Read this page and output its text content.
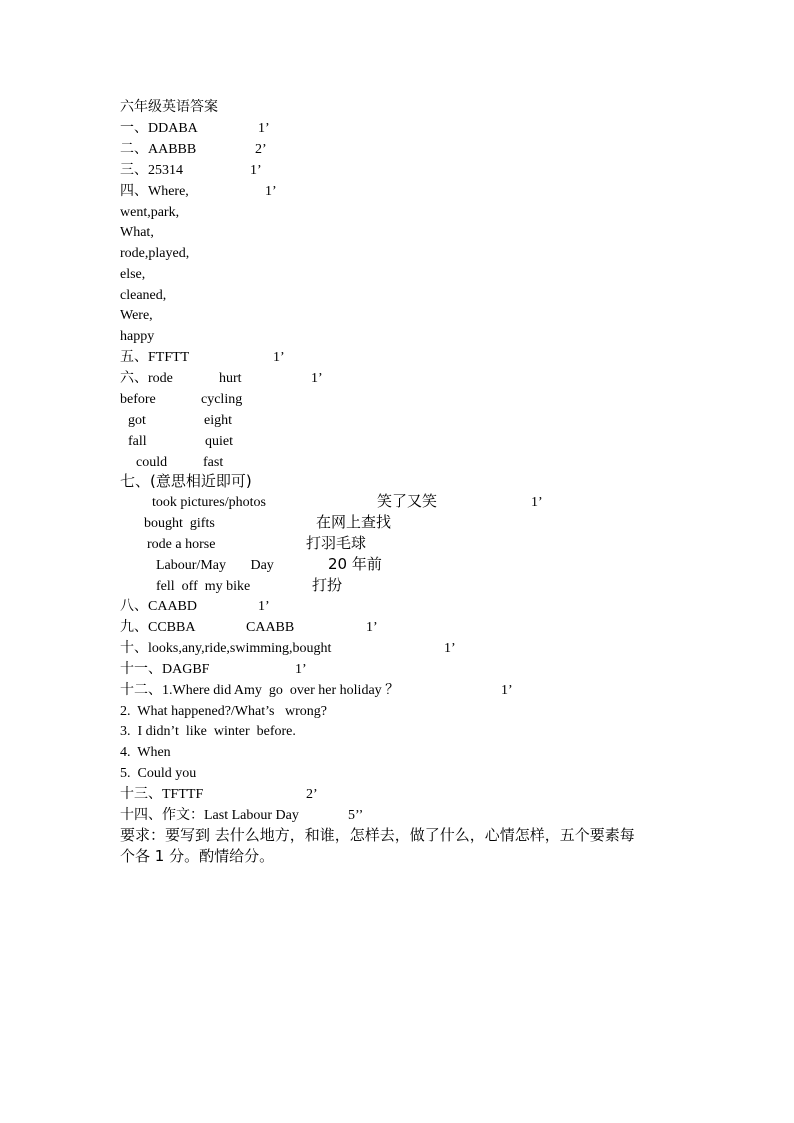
六年级英语答案
一、DDABA	1’
二、AABBB	2’
三、25314	1’
四、Where,	1’
went,park,
What,
rode,played,
else,
cleaned,
Were,
happy
五、FTFTT	1’
六、rode	hurt	1’
before	cycling
got	eight
fall	quiet
could	fast
七、(意思相近即可)
took pictures/photos	笑了又笑	1’
bought  gifts	在网上查找
rode a horse	打羽毛球
Labour/May       Day	20 年前
fell  off  my bike	打扮
八、CAABD	1’
九、CCBBA	CAABB	1’
十、looks,any,ride,swimming,bought	1’
十一、DAGBF	1’
十二、1.Where did Amy  go  over her holiday ？	1’
2.  What happened?/What’s   wrong?
3.  I didn’t  like  winter  before.
4.  When
5.  Could you
十三、TFTTF	2’
十四、作文：Last Labour Day	5’’
要求：要写到 去什么地方，和谁，怎样去，做了什么，心情怎样，五个要素每
个各 1 分。酌情给分。
